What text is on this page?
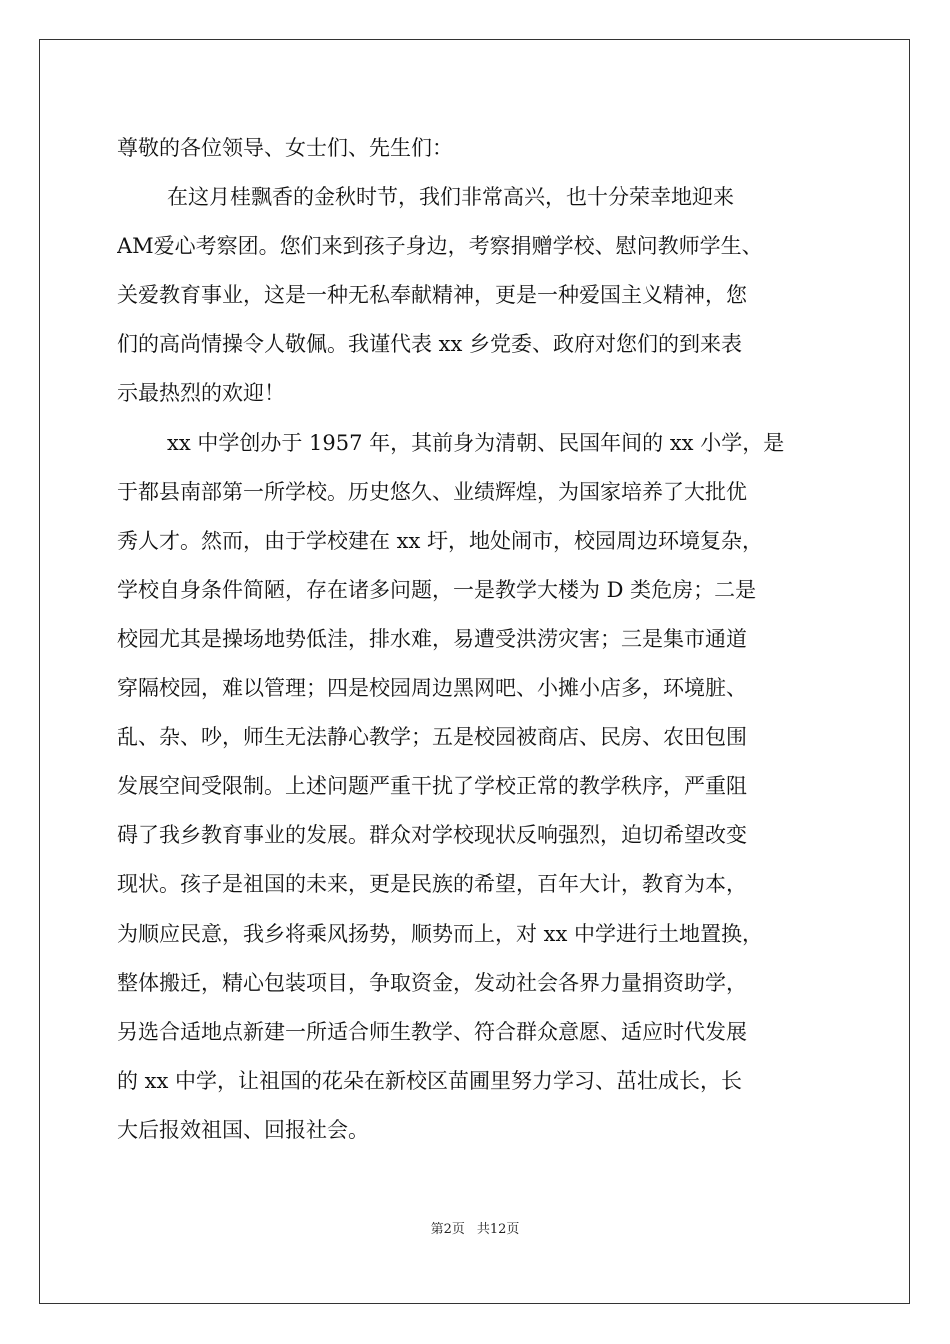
尊敬的各位领导、女士们、先生们：
在这月桂飘香的金秋时节，我们非常高兴，也十分荣幸地迎来
AM爱心考察团。您们来到孩子身边，考察捐赠学校、慰问教师学生、
关爱教育事业，这是一种无私奉献精神，更是一种爱国主义精神，您
们的高尚情操令人敬佩。我谨代表 xx 乡党委、政府对您们的到来表
示最热烈的欢迎！
xx 中学创办于 1957 年，其前身为清朝、民国年间的 xx 小学，是
于都县南部第一所学校。历史悠久、业绩辉煌，为国家培养了大批优
秀人才。然而，由于学校建在 xx 圩，地处闹市，校园周边环境复杂，
学校自身条件简陋，存在诸多问题，一是教学大楼为 D 类危房；二是
校园尤其是操场地势低洼，排水难，易遭受洪涝灾害；三是集市通道
穿隔校园，难以管理；四是校园周边黑网吧、小摊小店多，环境脏、
乱、杂、吵，师生无法静心教学；五是校园被商店、民房、农田包围
发展空间受限制。上述问题严重干扰了学校正常的教学秩序，严重阻
碍了我乡教育事业的发展。群众对学校现状反响强烈，迫切希望改变
现状。孩子是祖国的未来，更是民族的希望，百年大计，教育为本，
为顺应民意，我乡将乘风扬势，顺势而上，对 xx 中学进行土地置换，
整体搬迁，精心包装项目，争取资金，发动社会各界力量捐资助学，
另选合适地点新建一所适合师生教学、符合群众意愿、适应时代发展
的 xx 中学，让祖国的花朵在新校区苗圃里努力学习、茁壮成长，长
大后报效祖国、回报社会。
第2页 共12页
